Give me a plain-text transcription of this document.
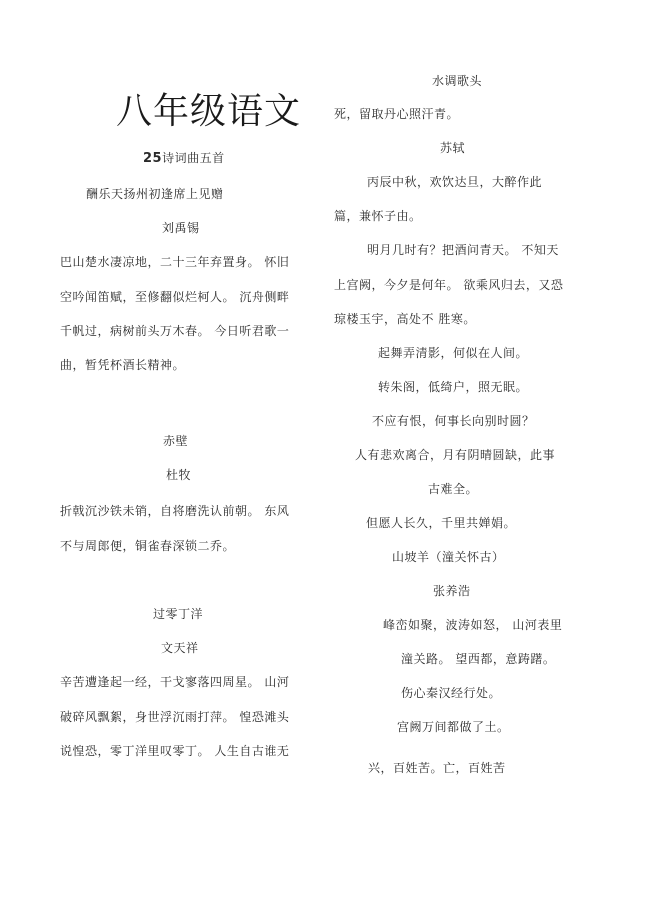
八年级语文
25诗词曲五首
酬乐天扬州初逢席上见赠
刘禹锡
巴山楚水凄凉地，二十三年弃置身。 怀旧
空吟闻笛赋，至修翻似烂柯人。 沉舟侧畔
千帆过，病树前头万木春。 今日听君歌一
曲，暂凭杯酒长精神。
赤壁
杜牧
折戟沉沙铁未销，自将磨洗认前朝。 东风
不与周郎便，铜雀春深锁二乔。
过零丁洋
文天祥
辛苦遭逢起一经，干戈寥落四周星。 山河
破碎风飘絮，身世浮沉雨打萍。 惶恐滩头
说惶恐，零丁洋里叹零丁。 人生自古谁无
水调歌头
死，留取丹心照汗青。
苏轼
丙辰中秋，欢饮达旦，大醉作此
篇，兼怀子由。
明月几时有？把酒问青天。 不知天
上宫阙，今夕是何年。 欲乘风归去，又恐
琼楼玉宇，高处不 胜寒。
起舞弄清影，何似在人间。
转朱阁，低绮户，照无眠。
不应有恨，何事长向别时圆？
人有悲欢离合，月有阴晴圆缺，此事
古难全。
但愿人长久，千里共婵娟。
山坡羊（潼关怀古）
张养浩
峰峦如聚，波涛如怒， 山河表里
潼关路。 望西都，意踌躇。
伤心秦汉经行处。
宫阙万间都做了土。
兴，百姓苦。亡，百姓苦
